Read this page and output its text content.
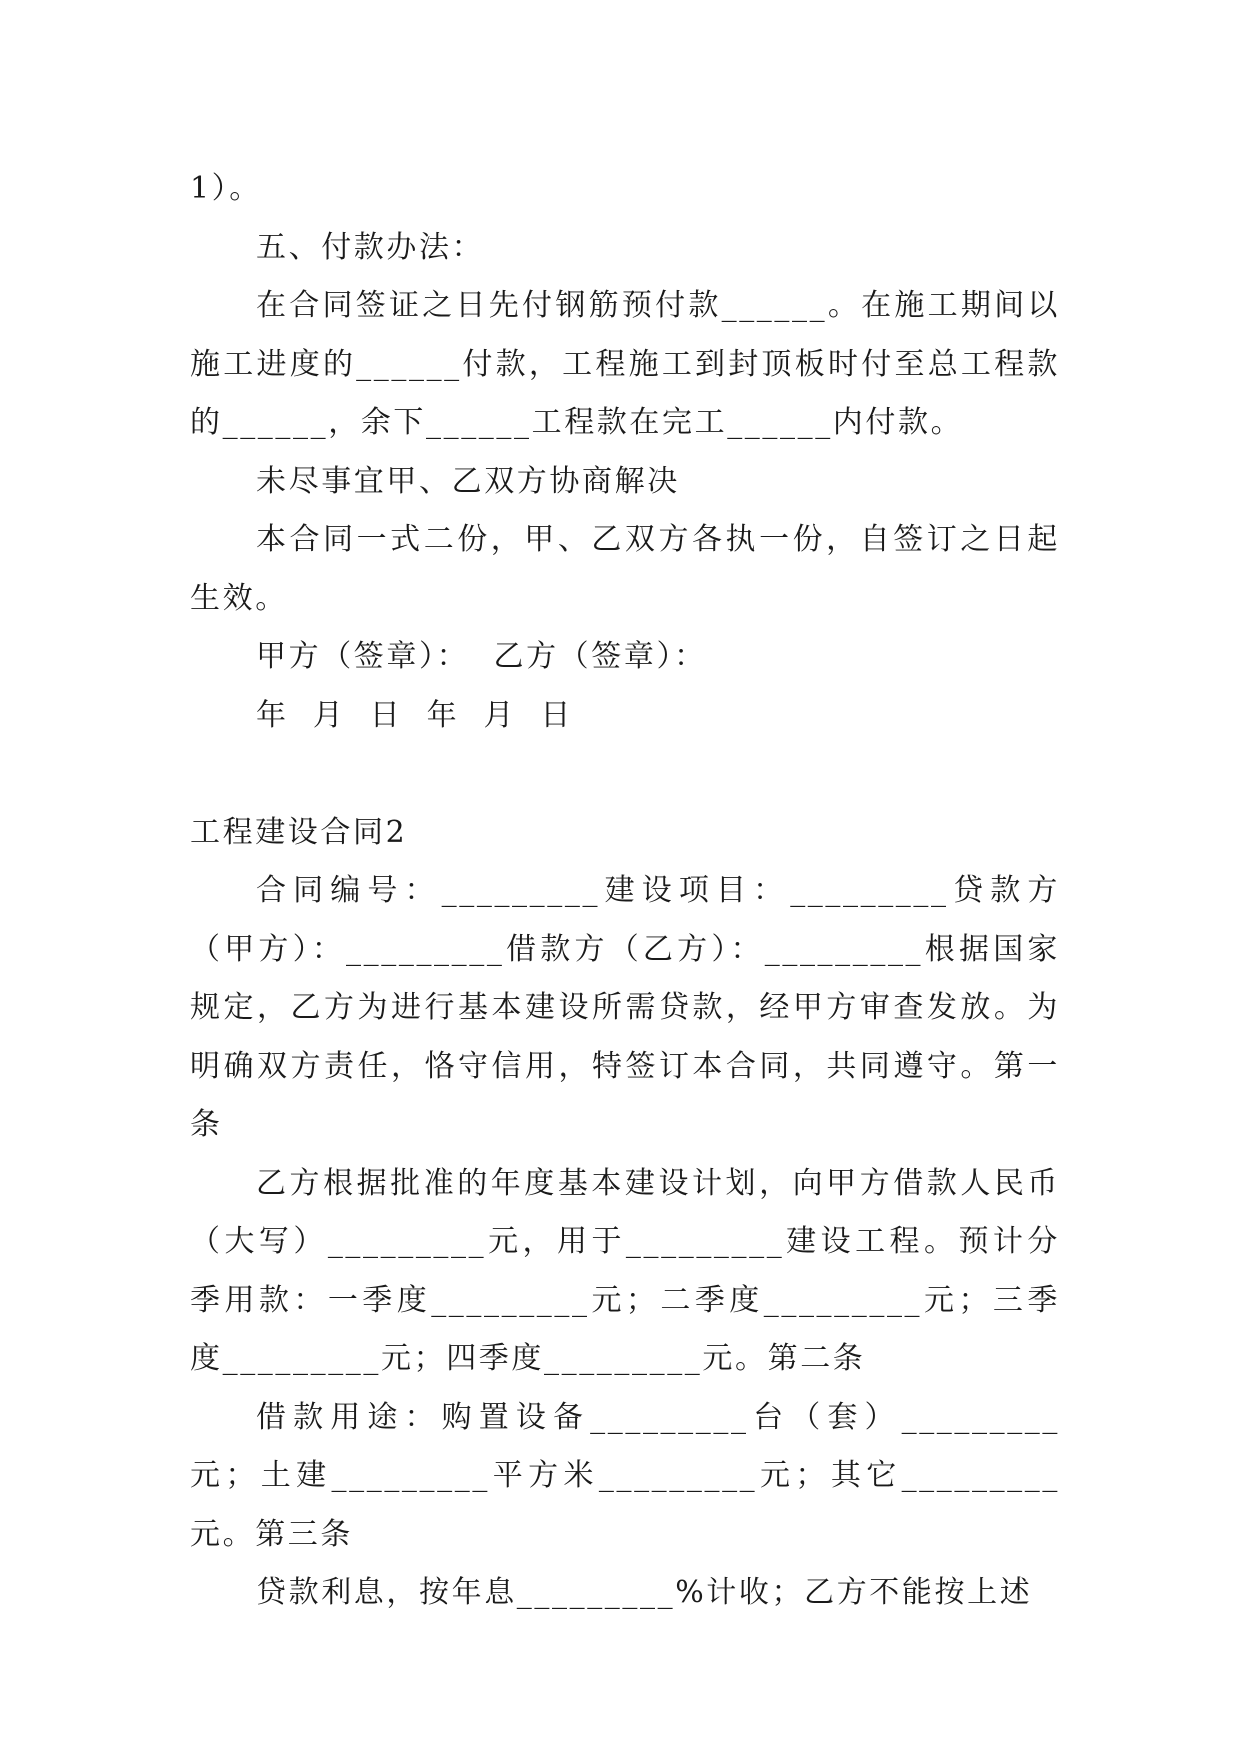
1）。

五、付款办法：

在合同签证之日先付钢筋预付款______。在施工期间以施工进度的______付款，工程施工到封顶板时付至总工程款的______，余下______工程款在完工______内付款。

未尽事宜甲、乙双方协商解决

本合同一式二份，甲、乙双方各执一份，自签订之日起生效。

甲方（签章）：  乙方（签章）：

年  月  日  年  月  日

工程建设合同2

合同编号：_________建设项目：_________贷款方（甲方）：_________借款方（乙方）：_________根据国家规定，乙方为进行基本建设所需贷款，经甲方审查发放。为明确双方责任，恪守信用，特签订本合同，共同遵守。第一条

乙方根据批准的年度基本建设计划，向甲方借款人民币（大写）_________元，用于_________建设工程。预计分季用款：一季度_________元；二季度_________元；三季度_________元；四季度_________元。第二条

借款用途：购置设备_________台（套）_________元；土建_________平方米_________元；其它_________元。第三条

贷款利息，按年息_________%计收；乙方不能按上述
